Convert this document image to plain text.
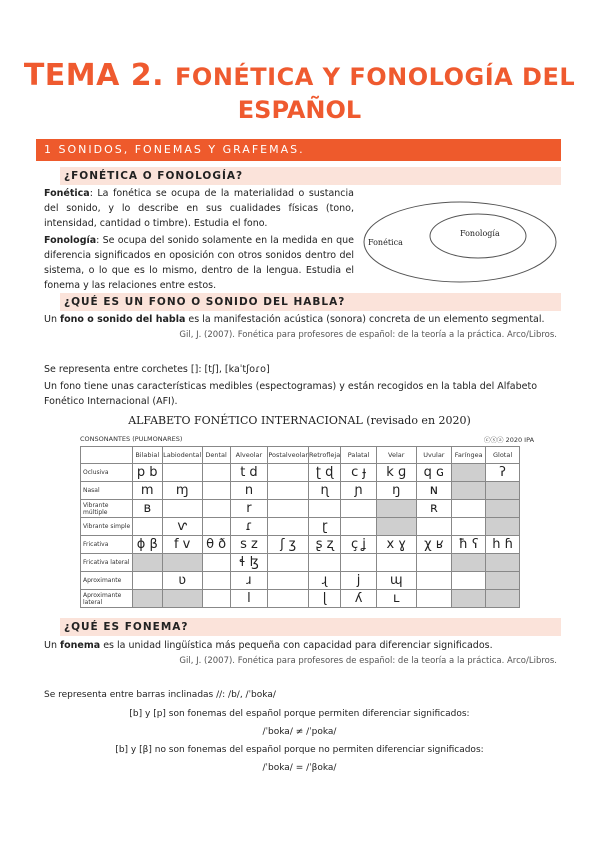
TEMA 2. FONÉTICA Y FONOLOGÍA DEL
ESPAÑOL
1 SONIDOS, FONEMAS Y GRAFEMAS.
¿FONÉTICA O FONOLOGÍA?
Fonética: La fonética se ocupa de la materialidad o sustancia del sonido, y lo describe en sus cualidades físicas (tono, intensidad, cantidad o timbre). Estudia el fono.
Fonología: Se ocupa del sonido solamente en la medida en que diferencia significados en oposición con otros sonidos dentro del sistema, o lo que es lo mismo, dentro de la lengua. Estudia el fonema y las relaciones entre estos.
Fonética
Fonología
¿QUÉ ES UN FONO O SONIDO DEL HABLA?
Un fono o sonido del habla es la manifestación acústica (sonora) concreta de un elemento segmental.
Gil, J. (2007). Fonética para profesores de español: de la teoría a la práctica. Arco/Libros.
Se representa entre corchetes []: [tʃ], [kaˈtʃoɾo]
Un fono tiene unas características medibles (espectogramas) y están recogidos en la tabla del Alfabeto Fonético Internacional (AFI).
ALFABETO FONÉTICO INTERNACIONAL (revisado en 2020)
CONSONANTES (PULMONARES)	ⓒⓢⓐ 2020 IPA
	Bilabial	Labiodental	Dental	Alveolar	Postalveolar	Retrofleja	Palatal	Velar	Uvular	Faríngea	Glotal
Oclusiva	p b			t d		ʈ ɖ	c ɟ	k ɡ	q ɢ		ʔ
Nasal	m	ɱ		n		ɳ	ɲ	ŋ	ɴ		
Vibrante múltiple	ʙ			r					ʀ		
Vibrante simple		ⱱ		ɾ		ɽ					
Fricativa	ɸ β	f v	θ ð	s z	ʃ ʒ	ʂ ʐ	ç ʝ	x ɣ	χ ʁ	ħ ʕ	h ɦ
Fricativa lateral				ɬ ɮ							
Aproximante		ʋ		ɹ		ɻ	j	ɰ			
Aproximante lateral				l		ɭ	ʎ	ʟ			
¿QUÉ ES FONEMA?
Un fonema es la unidad lingüística más pequeña con capacidad para diferenciar significados.
Gil, J. (2007). Fonética para profesores de español: de la teoría a la práctica. Arco/Libros.
Se representa entre barras inclinadas //: /b/, /ˈboka/
[b] y [p] son fonemas del español porque permiten diferenciar significados:
/ˈboka/ ≠ /ˈpoka/
[b] y [β] no son fonemas del español porque no permiten diferenciar significados:
/ˈboka/ = /ˈβoka/
